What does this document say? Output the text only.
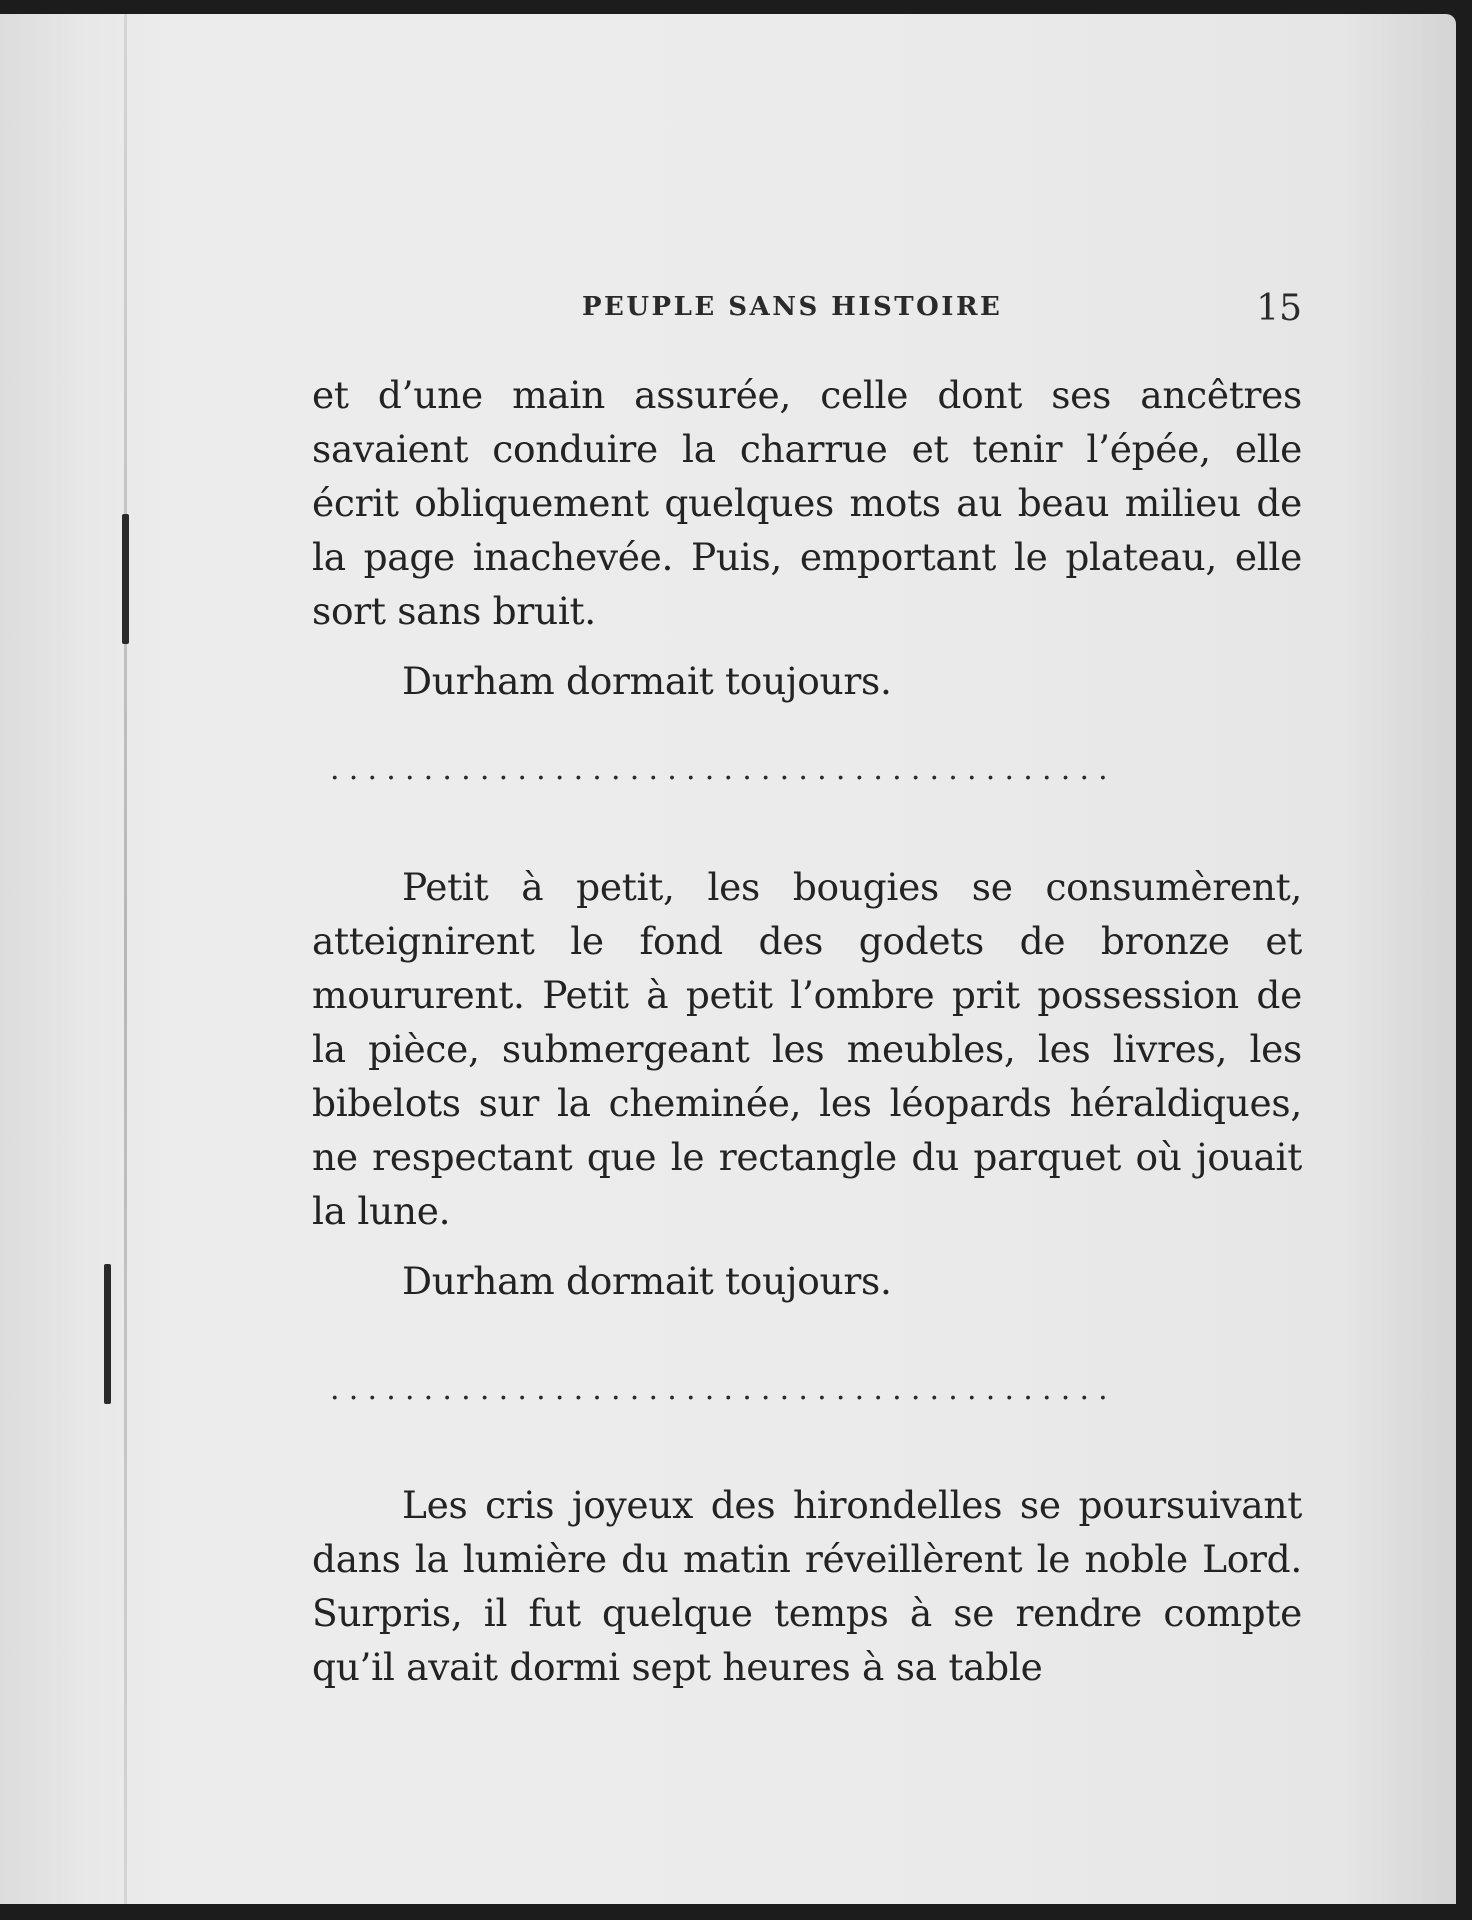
PEUPLE SANS HISTOIRE	15

et d’une main assurée, celle dont ses ancêtres savaient conduire la charrue et tenir l’épée, elle écrit obliquement quelques mots au beau milieu de la page inachevée. Puis, emportant le plateau, elle sort sans bruit.

Durham dormait toujours.

..........................................

Petit à petit, les bougies se consumèrent, atteignirent le fond des godets de bronze et moururent. Petit à petit l’ombre prit possession de la pièce, submergeant les meubles, les livres, les bibelots sur la cheminée, les léopards héraldiques, ne respectant que le rectangle du parquet où jouait la lune.

Durham dormait toujours.

..........................................

Les cris joyeux des hirondelles se poursuivant dans la lumière du matin réveillèrent le noble Lord. Surpris, il fut quelque temps à se rendre compte qu’il avait dormi sept heures à sa table
